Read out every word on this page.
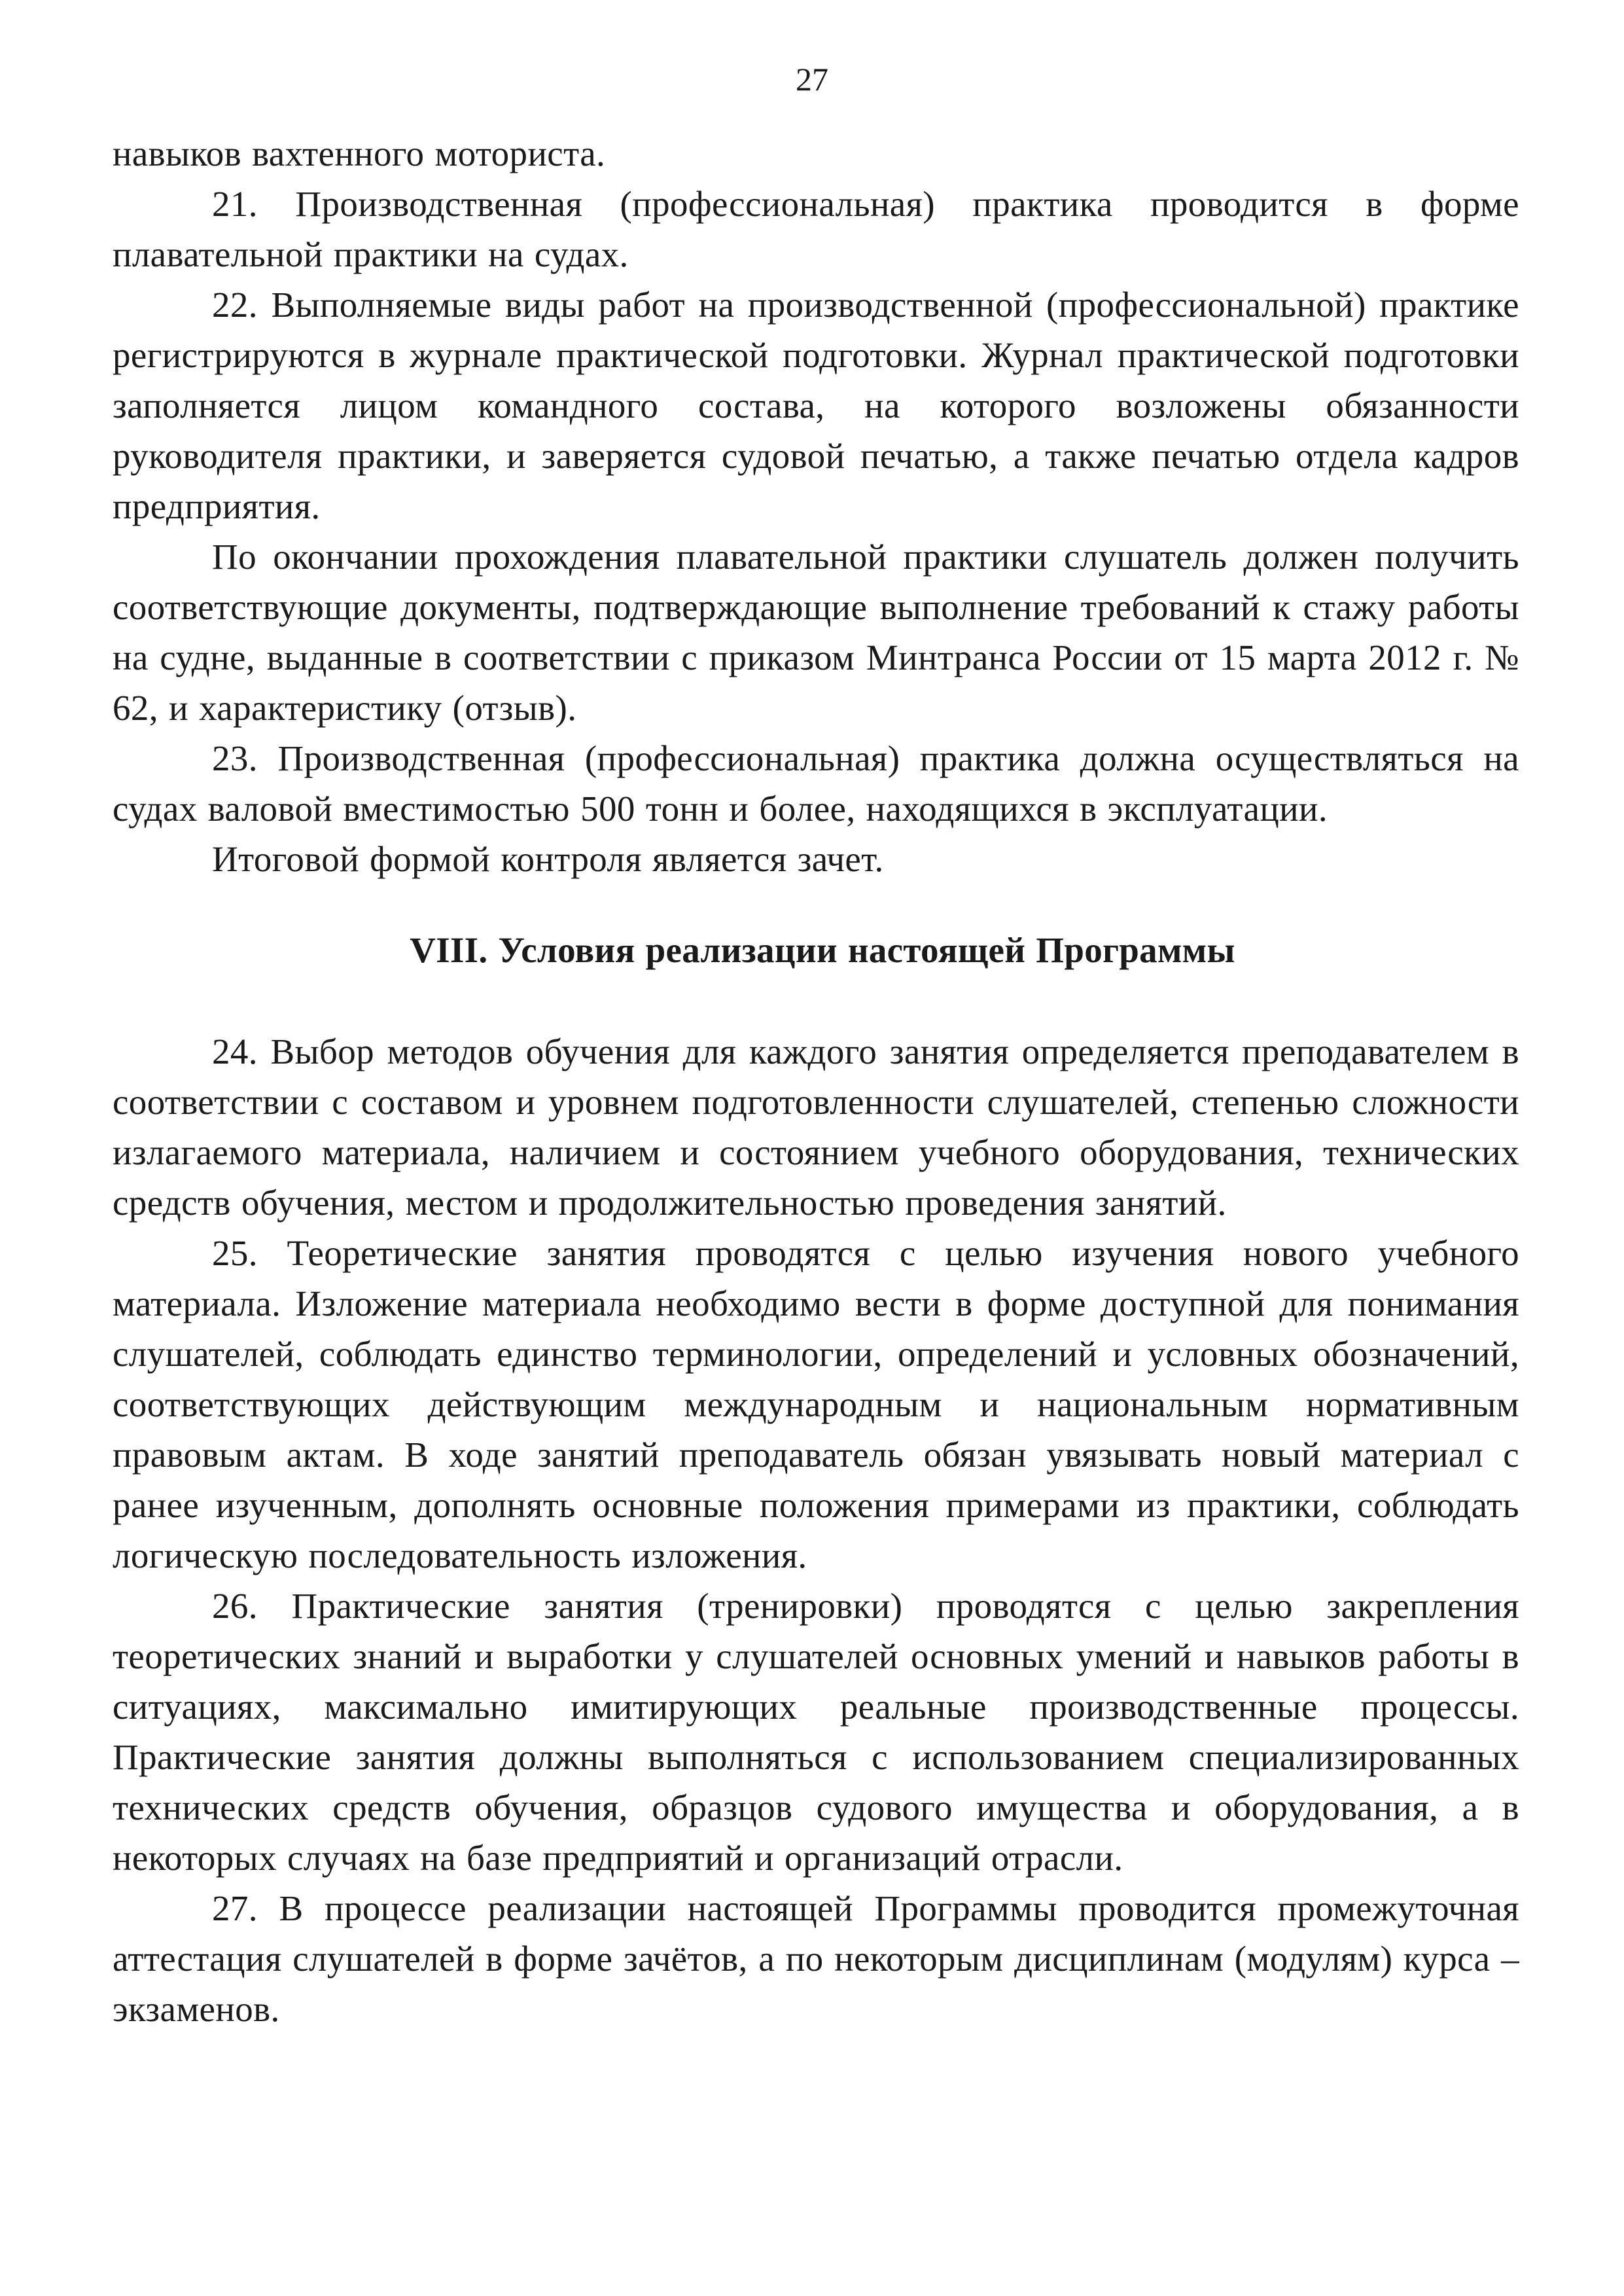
27

навыков вахтенного моториста.

21. Производственная (профессиональная) практика проводится в форме плавательной практики на судах.

22. Выполняемые виды работ на производственной (профессиональной) практике регистрируются в журнале практической подготовки. Журнал практической подготовки заполняется лицом командного состава, на которого возложены обязанности руководителя практики, и заверяется судовой печатью, а также печатью отдела кадров предприятия.

По окончании прохождения плавательной практики слушатель должен получить соответствующие документы, подтверждающие выполнение требований к стажу работы на судне, выданные в соответствии с приказом Минтранса России от 15 марта 2012 г. № 62, и характеристику (отзыв).

23. Производственная (профессиональная) практика должна осуществляться на судах валовой вместимостью 500 тонн и более, находящихся в эксплуатации.

Итоговой формой контроля является зачет.

VIII. Условия реализации настоящей Программы

24. Выбор методов обучения для каждого занятия определяется преподавателем в соответствии с составом и уровнем подготовленности слушателей, степенью сложности излагаемого материала, наличием и состоянием учебного оборудования, технических средств обучения, местом и продолжительностью проведения занятий.

25. Теоретические занятия проводятся с целью изучения нового учебного материала. Изложение материала необходимо вести в форме доступной для понимания слушателей, соблюдать единство терминологии, определений и условных обозначений, соответствующих действующим международным и национальным нормативным правовым актам. В ходе занятий преподаватель обязан увязывать новый материал с ранее изученным, дополнять основные положения примерами из практики, соблюдать логическую последовательность изложения.

26. Практические занятия (тренировки) проводятся с целью закрепления теоретических знаний и выработки у слушателей основных умений и навыков работы в ситуациях, максимально имитирующих реальные производственные процессы. Практические занятия должны выполняться с использованием специализированных технических средств обучения, образцов судового имущества и оборудования, а в некоторых случаях на базе предприятий и организаций отрасли.

27. В процессе реализации настоящей Программы проводится промежуточная аттестация слушателей в форме зачётов, а по некоторым дисциплинам (модулям) курса – экзаменов.
